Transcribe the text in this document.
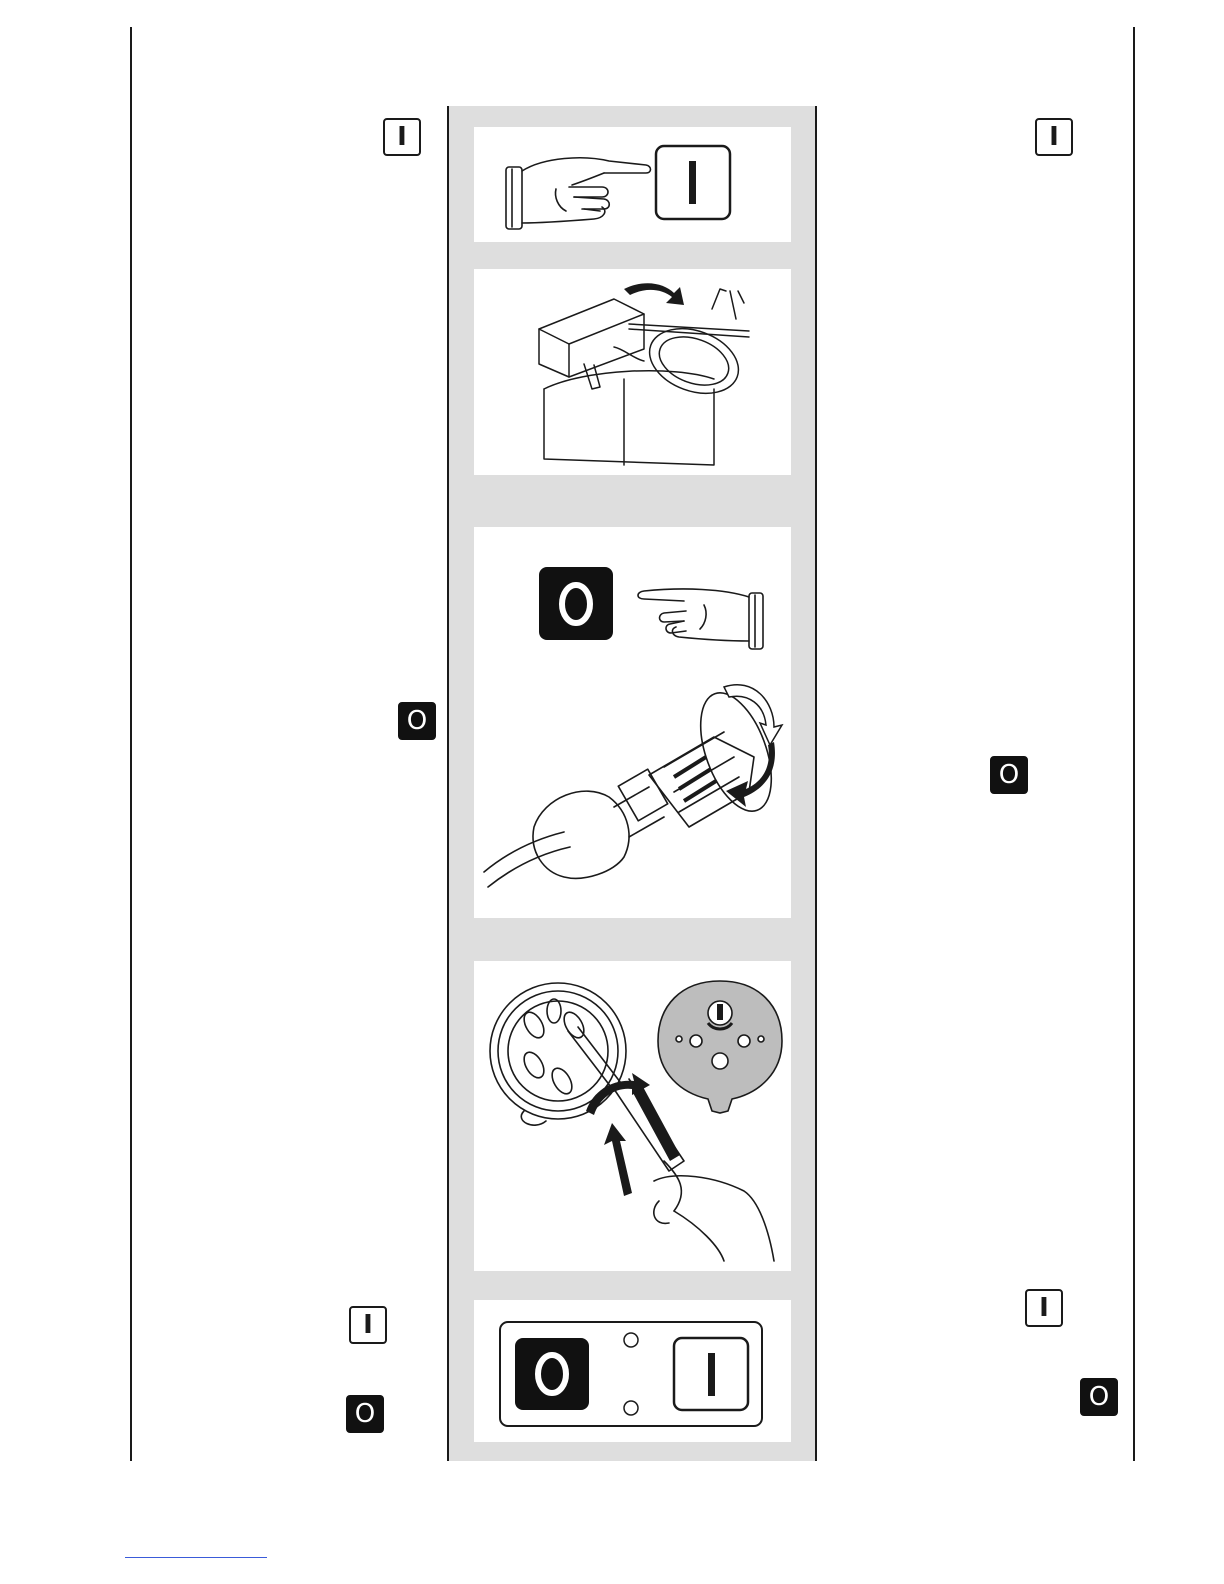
I
O
I
O
I
O
I
O
